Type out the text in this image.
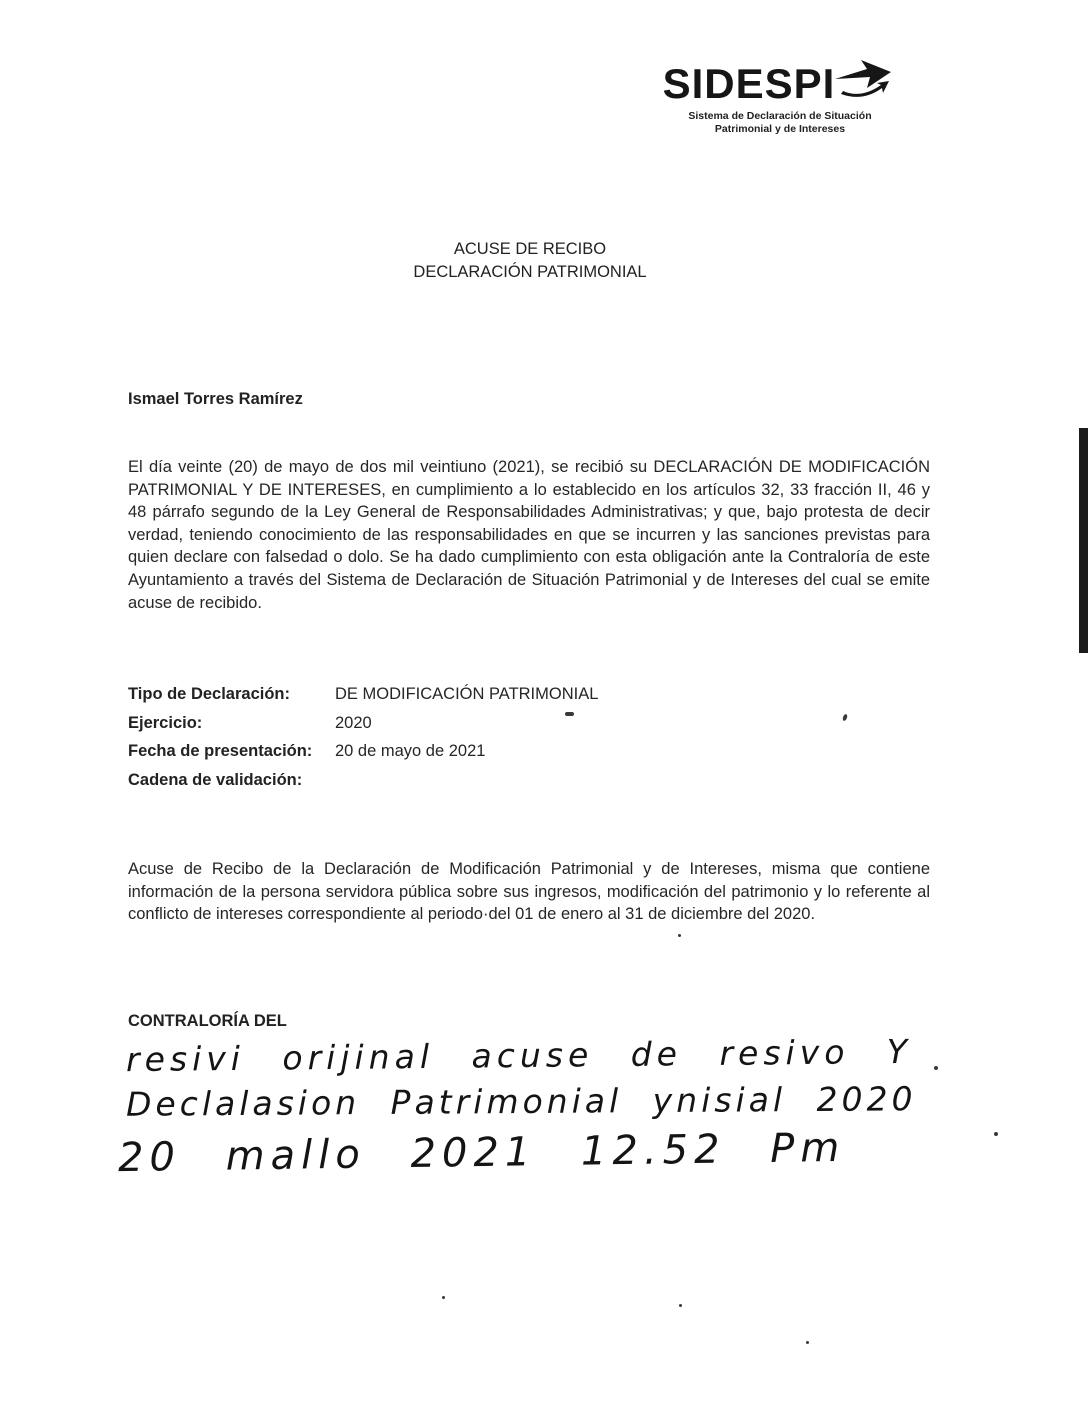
SIDESPI
Sistema de Declaración de Situación
Patrimonial y de Intereses
ACUSE DE RECIBO
DECLARACIÓN PATRIMONIAL
Ismael Torres Ramírez
El día veinte (20) de mayo de dos mil veintiuno (2021), se recibió su DECLARACIÓN DE MODIFICACIÓN PATRIMONIAL Y DE INTERESES, en cumplimiento a lo establecido en los artículos 32, 33 fracción II, 46 y 48 párrafo segundo de la Ley General de Responsabilidades Administrativas; y que, bajo protesta de decir verdad, teniendo conocimiento de las responsabilidades en que se incurren y las sanciones previstas para quien declare con falsedad o dolo. Se ha dado cumplimiento con esta obligación ante la Contraloría de este Ayuntamiento a través del Sistema de Declaración de Situación Patrimonial y de Intereses del cual se emite acuse de recibido.
Tipo de Declaración:	DE MODIFICACIÓN PATRIMONIAL
Ejercicio:	2020
Fecha de presentación:	20 de mayo de 2021
Cadena de validación:
Acuse de Recibo de la Declaración de Modificación Patrimonial y de Intereses, misma que contiene información de la persona servidora pública sobre sus ingresos, modificación del patrimonio y lo referente al conflicto de intereses correspondiente al periodo·del 01 de enero al 31 de diciembre del 2020.
CONTRALORÍA DEL
resivi orijinal acuse de resivo Y
Declalasion Patrimonial ynisial 2020
20 mallo 2021 12.52 Pm
